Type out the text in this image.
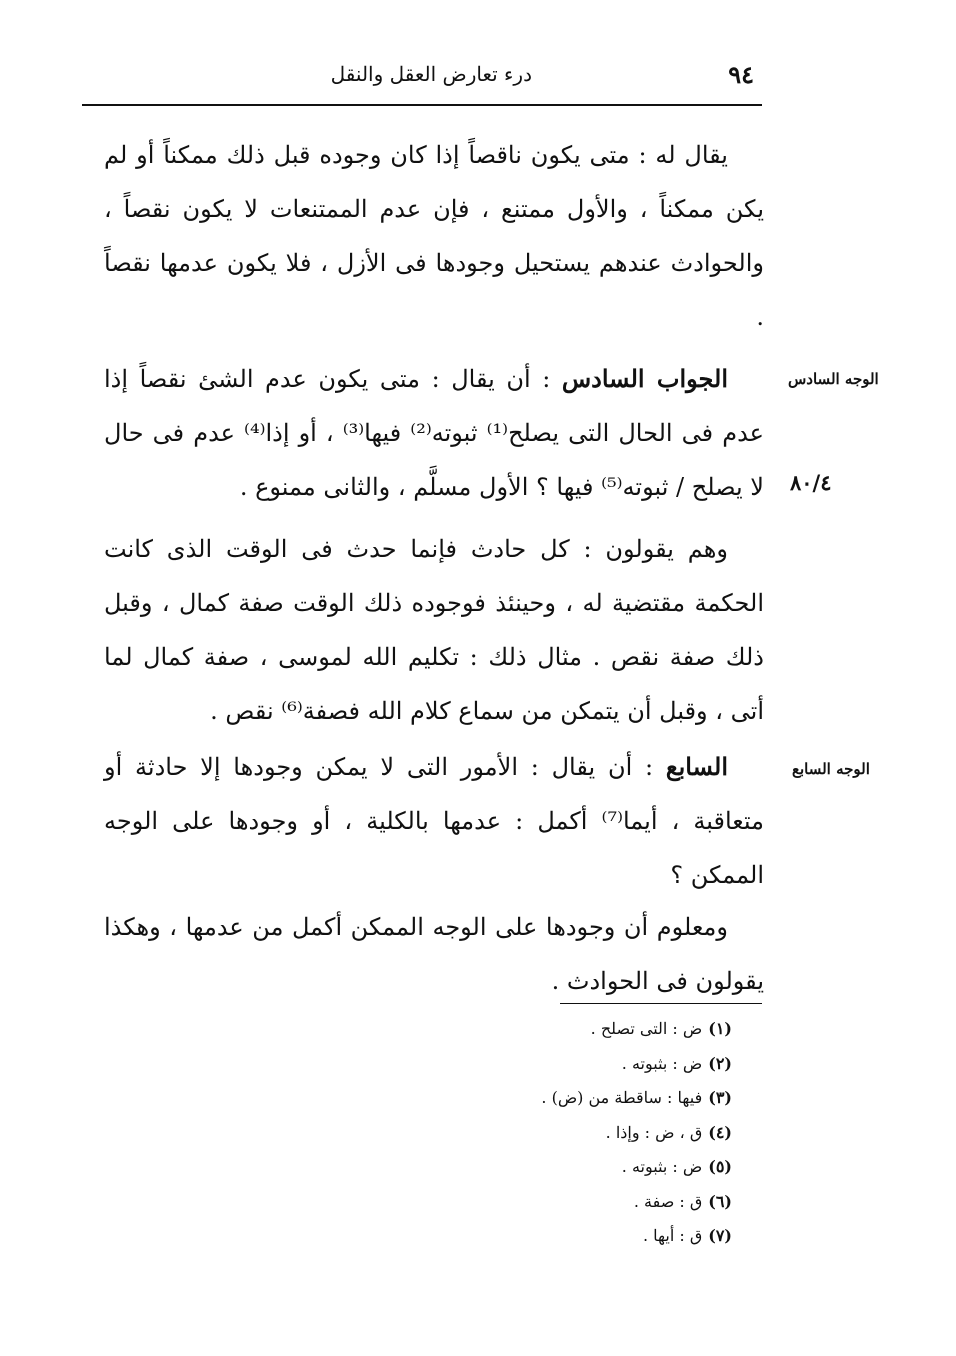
٩٤
درء تعارض العقل والنقل

يقال له : متى يكون ناقصاً إذا كان وجوده قبل ذلك ممكناً أو لم يكن ممكناً ، والأول ممتنع ، فإن عدم الممتنعات لا يكون نقصاً ، والحوادث عندهم يستحيل وجودها فى الأزل ، فلا يكون عدمها نقصاً .

الجواب السادس : أن يقال : متى يكون عدم الشئ نقصاً إذا عدم فى الحال التى يصلح⁽¹⁾ ثبوته⁽²⁾ فيها⁽³⁾ ، أو إذا⁽⁴⁾ عدم فى حال لا يصلح / ثبوته⁽⁵⁾ فيها ؟ الأول مسلَّم ، والثانى ممنوع .

وهم يقولون : كل حادث فإنما حدث فى الوقت الذى كانت الحكمة مقتضية له ، وحينئذ فوجوده ذلك الوقت صفة كمال ، وقبل ذلك صفة نقص . مثال ذلك : تكليم الله لموسى ، صفة كمال لما أتى ، وقبل أن يتمكن من سماع كلام الله فصفة⁽⁶⁾ نقص .

السابع : أن يقال : الأمور التى لا يمكن وجودها إلا حادثة أو متعاقبة ، أيما⁽⁷⁾ أكمل : عدمها بالكلية ، أو وجودها على الوجه الممكن ؟

ومعلوم أن وجودها على الوجه الممكن أكمل من عدمها ، وهكذا يقولون فى الحوادث .

الوجه السادس
٨٠/٤
الوجه السابع

(١)ض : التى تصلح .

(٢)ض : بثبوته .

(٣)فيها : ساقطة من (ض) .

(٤)ق ، ض : وإذا .

(٥)ض : بثبوته .

(٦)ق : صفة .

(٧)ق : أيها .
